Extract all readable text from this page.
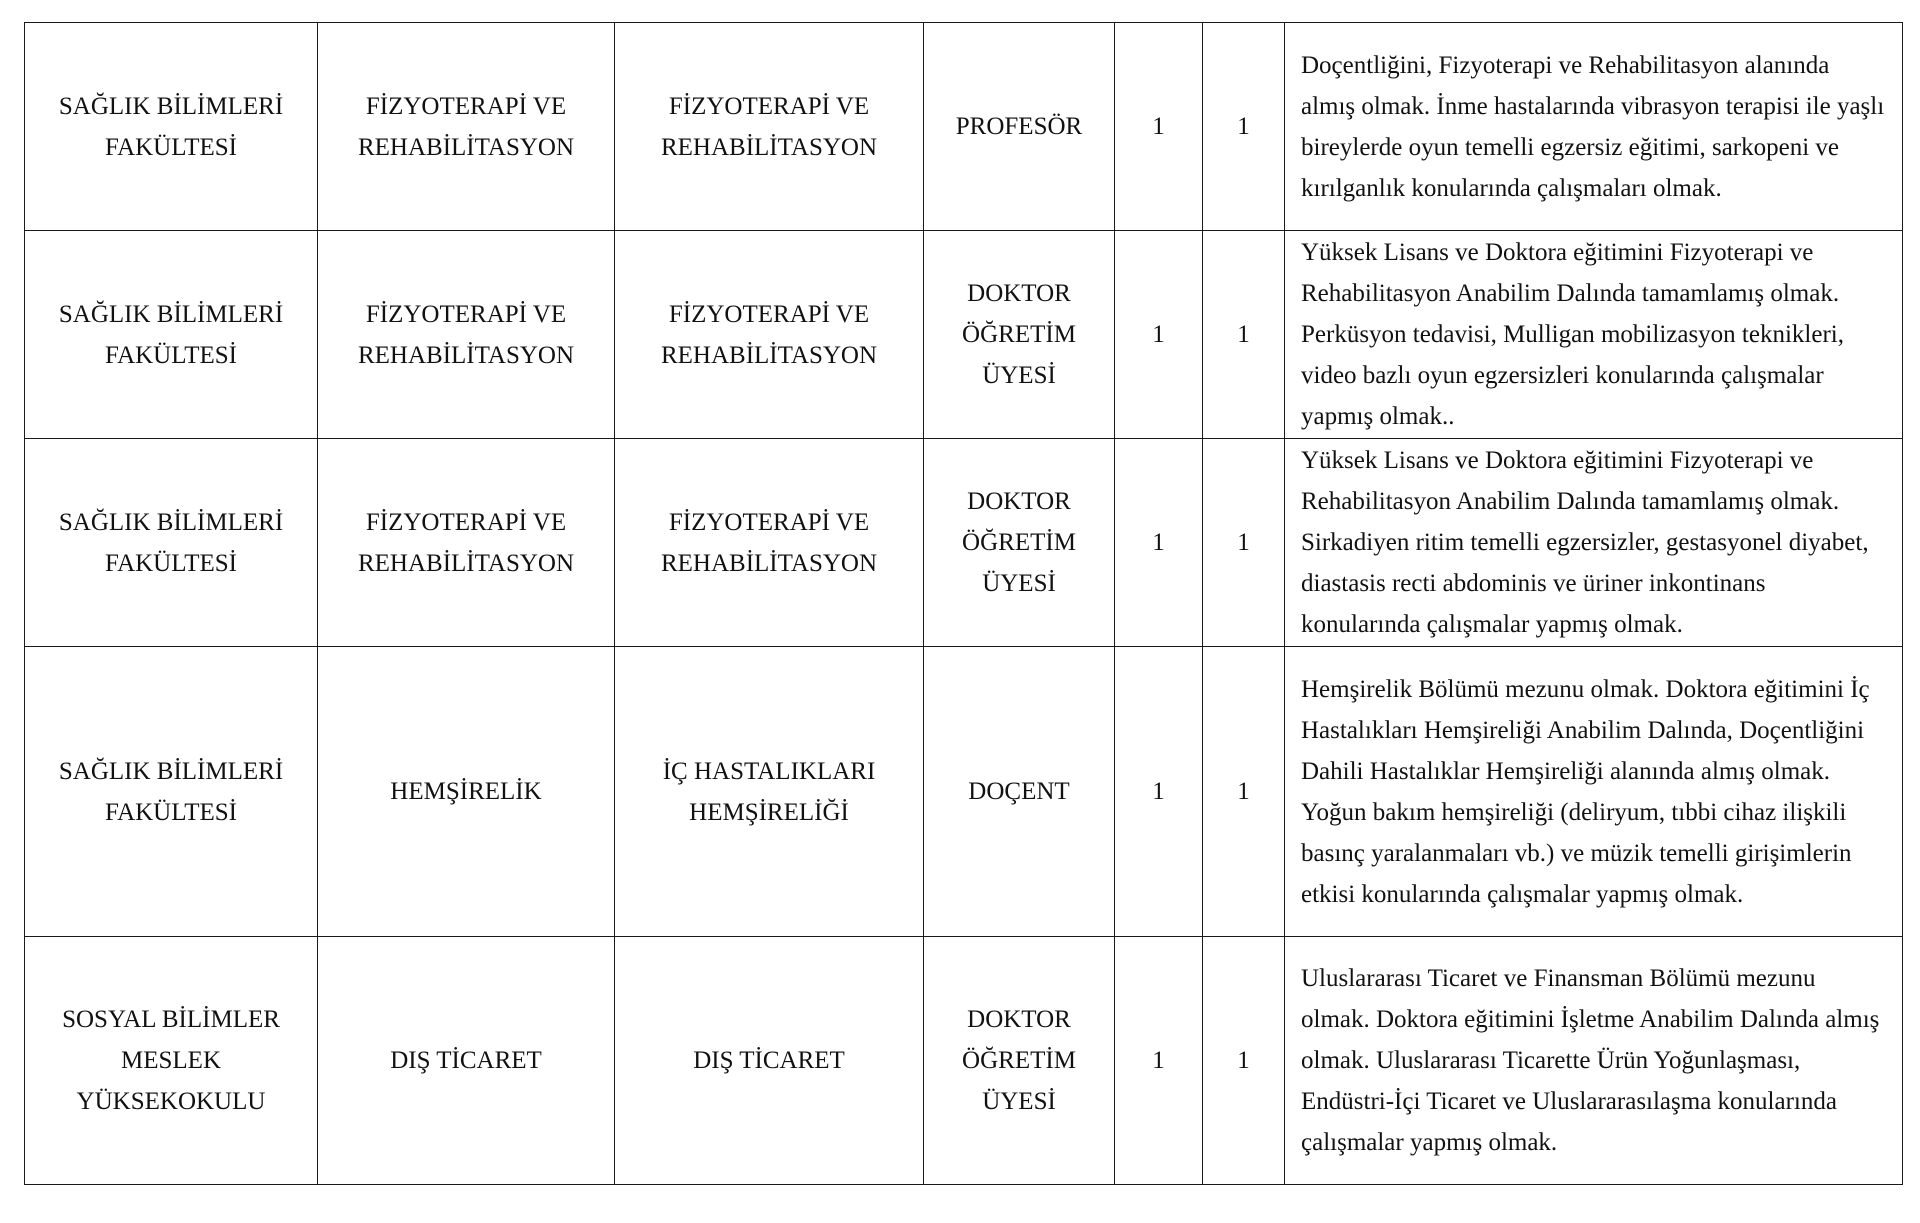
SAĞLIK BİLİMLERİ FAKÜLTESİ	FİZYOTERAPİ VE REHABİLİTASYON	FİZYOTERAPİ VE REHABİLİTASYON	PROFESÖR	1	1	Doçentliğini, Fizyoterapi ve Rehabilitasyon alanında almış olmak. İnme hastalarında vibrasyon terapisi ile yaşlı bireylerde oyun temelli egzersiz eğitimi, sarkopeni ve kırılganlık konularında çalışmaları olmak.

SAĞLIK BİLİMLERİ FAKÜLTESİ	FİZYOTERAPİ VE REHABİLİTASYON	FİZYOTERAPİ VE REHABİLİTASYON	DOKTOR ÖĞRETİM ÜYESİ	1	1	Yüksek Lisans ve Doktora eğitimini Fizyoterapi ve Rehabilitasyon Anabilim Dalında tamamlamış olmak. Perküsyon tedavisi, Mulligan mobilizasyon teknikleri, video bazlı oyun egzersizleri konularında çalışmalar yapmış olmak..

SAĞLIK BİLİMLERİ FAKÜLTESİ	FİZYOTERAPİ VE REHABİLİTASYON	FİZYOTERAPİ VE REHABİLİTASYON	DOKTOR ÖĞRETİM ÜYESİ	1	1	Yüksek Lisans ve Doktora eğitimini Fizyoterapi ve Rehabilitasyon Anabilim Dalında tamamlamış olmak. Sirkadiyen ritim temelli egzersizler, gestasyonel diyabet, diastasis recti abdominis ve üriner inkontinans konularında çalışmalar yapmış olmak.

SAĞLIK BİLİMLERİ FAKÜLTESİ	HEMŞİRELİK	İÇ HASTALIKLARI HEMŞİRELİĞİ	DOÇENT	1	1	Hemşirelik Bölümü mezunu olmak. Doktora eğitimini İç Hastalıkları Hemşireliği Anabilim Dalında, Doçentliğini Dahili Hastalıklar Hemşireliği alanında almış olmak. Yoğun bakım hemşireliği (deliryum, tıbbi cihaz ilişkili basınç yaralanmaları vb.) ve müzik temelli girişimlerin etkisi konularında çalışmalar yapmış olmak.

SOSYAL BİLİMLER MESLEK YÜKSEKOKULU	DIŞ TİCARET	DIŞ TİCARET	DOKTOR ÖĞRETİM ÜYESİ	1	1	Uluslararası Ticaret ve Finansman Bölümü mezunu olmak. Doktora eğitimini İşletme Anabilim Dalında almış olmak. Uluslararası Ticarette Ürün Yoğunlaşması, Endüstri-İçi Ticaret ve Uluslararasılaşma konularında çalışmalar yapmış olmak.
